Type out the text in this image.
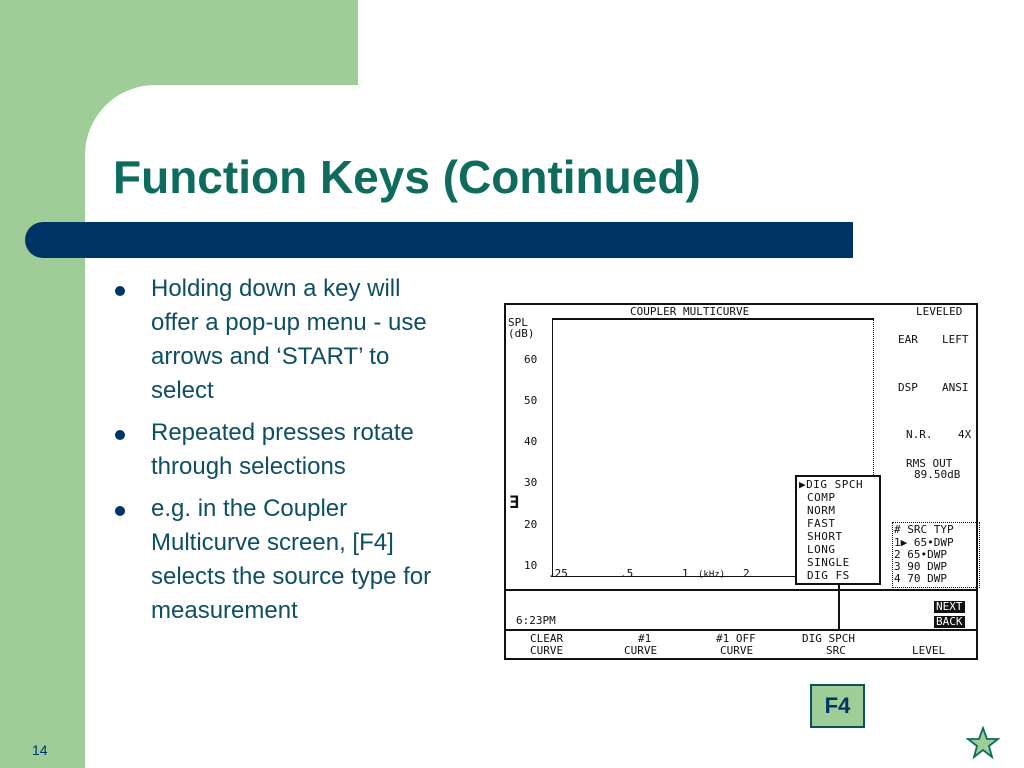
Function Keys (Continued)
Holding down a key will offer a pop-up menu - use arrows and ‘START’ to select
Repeated presses rotate through selections
e.g. in the Coupler Multicurve screen, [F4] selects the source type for measurement
COUPLER MULTICURVE	LEVELED
SPL
(dB)
60
50
40
30
20
10
Ǝ
.25	.5	1 (kHz) 2
EAR LEFT
DSP ANSI
N.R. 4X
RMS OUT
89.50dB
▶DIG SPCH
COMP
NORM
FAST
SHORT
LONG
SINGLE
DIG FS
# SRC TYP
1▶ 65•DWP
2 65•DWP
3 90 DWP
4 70 DWP
6:23PM
NEXT
BACK
CLEAR
CURVE
#1
CURVE
#1 OFF
CURVE
DIG SPCH
SRC	LEVEL
F4
14
